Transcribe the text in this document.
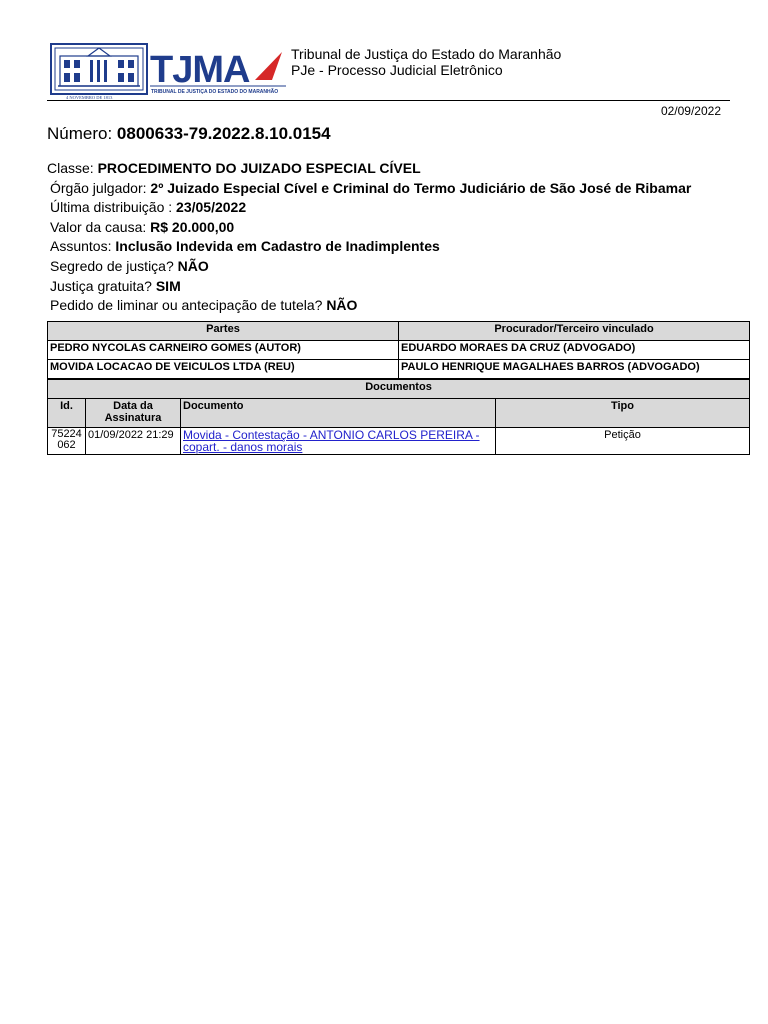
TJMA
TRIBUNAL DE JUSTIÇA DO ESTADO DO MARANHÃO
4 NOVEMBRO DE 1813
Tribunal de Justiça do Estado do Maranhão
PJe - Processo Judicial Eletrônico
02/09/2022
Número: 0800633-79.2022.8.10.0154
Classe: PROCEDIMENTO DO JUIZADO ESPECIAL CÍVEL
Órgão julgador: 2º Juizado Especial Cível e Criminal do Termo Judiciário de São José de Ribamar
Última distribuição : 23/05/2022
Valor da causa: R$ 20.000,00
Assuntos: Inclusão Indevida em Cadastro de Inadimplentes
Segredo de justiça? NÃO
Justiça gratuita? SIM
Pedido de liminar ou antecipação de tutela? NÃO
Partes	Procurador/Terceiro vinculado
PEDRO NYCOLAS CARNEIRO GOMES (AUTOR)	EDUARDO MORAES DA CRUZ (ADVOGADO)
MOVIDA LOCACAO DE VEICULOS LTDA (REU)	PAULO HENRIQUE MAGALHAES BARROS (ADVOGADO)
Documentos			
Id.	Data da Assinatura	Documento	Tipo

75224
062	01/09/2022 21:29	Movida - Contestação - ANTONIO CARLOS PEREIRA - copart. - danos morais	Petição
